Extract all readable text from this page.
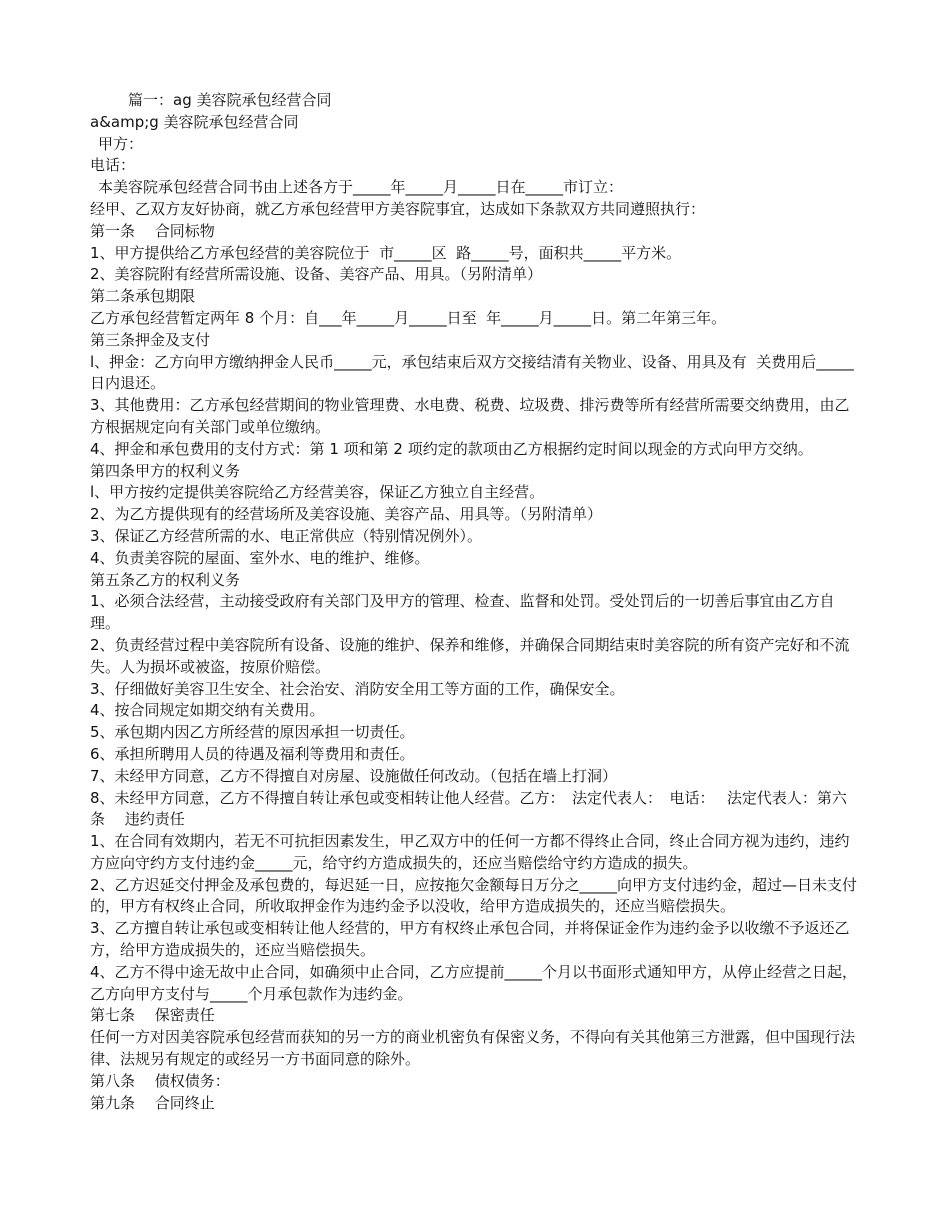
篇一：ag 美容院承包经营合同

a&amp;g 美容院承包经营合同

甲方：

电话：

本美容院承包经营合同书由上述各方于_____年_____月_____日在_____市订立：

经甲、乙双方友好协商，就乙方承包经营甲方美容院事宜，达成如下条款双方共同遵照执行：

第一条　 合同标物

1、甲方提供给乙方承包经营的美容院位于  市_____区  路_____号，面积共_____平方米。

2、美容院附有经营所需设施、设备、美容产品、用具。（另附清单）

第二条承包期限

乙方承包经营暂定两年 8 个月：自___年_____月_____日至  年_____月_____日。第二年第三年。

第三条押金及支付

l、押金：乙方向甲方缴纳押金人民币_____元，承包结束后双方交接结清有关物业、设备、用具及有  关费用后_____日内退还。

3、其他费用：乙方承包经营期间的物业管理费、水电费、税费、垃圾费、排污费等所有经营所需要交纳费用，由乙方根据规定向有关部门或单位缴纳。

4、押金和承包费用的支付方式：第 1 项和第 2 项约定的款项由乙方根据约定时间以现金的方式向甲方交纳。

第四条甲方的权利义务

l、甲方按约定提供美容院给乙方经营美容，保证乙方独立自主经营。

2、为乙方提供现有的经营场所及美容设施、美容产品、用具等。（另附清单）

3、保证乙方经营所需的水、电正常供应（特别情况例外）。

4、负责美容院的屋面、室外水、电的维护、维修。

第五条乙方的权利义务

1、必须合法经营，主动接受政府有关部门及甲方的管理、检查、监督和处罚。受处罚后的一切善后事宜由乙方自理。

2、负责经营过程中美容院所有设备、设施的维护、保养和维修，并确保合同期结束时美容院的所有资产完好和不流失。人为损坏或被盗，按原价赔偿。

3、仔细做好美容卫生安全、社会治安、消防安全用工等方面的工作，确保安全。

4、按合同规定如期交纳有关费用。

5、承包期内因乙方所经营的原因承担一切责任。

6、承担所聘用人员的待遇及福利等费用和责任。

7、未经甲方同意，乙方不得擅自对房屋、设施做任何改动。（包括在墙上打洞）

8、未经甲方同意，乙方不得擅自转让承包或变相转让他人经营。乙方：　法定代表人：　电话：　 法定代表人：第六条　 违约责任

1、在合同有效期内，若无不可抗拒因素发生，甲乙双方中的任何一方都不得终止合同，终止合同方视为违约，违约方应向守约方支付违约金_____元，给守约方造成损失的，还应当赔偿给守约方造成的损失。

2、乙方迟延交付押金及承包费的，每迟延一日，应按拖欠金额每日万分之_____向甲方支付违约金，超过—日未支付的，甲方有权终止合同，所收取押金作为违约金予以没收，给甲方造成损失的，还应当赔偿损失。

3、乙方擅自转让承包或变相转让他人经营的，甲方有权终止承包合同，并将保证金作为违约金予以收缴不予返还乙方，给甲方造成损失的，还应当赔偿损失。

4、乙方不得中途无故中止合同，如确须中止合同，乙方应提前_____个月以书面形式通知甲方，从停止经营之日起，乙方向甲方支付与_____个月承包款作为违约金。

第七条　 保密责任

任何一方对因美容院承包经营而获知的另一方的商业机密负有保密义务，不得向有关其他第三方泄露，但中国现行法律、法规另有规定的或经另一方书面同意的除外。

第八条　 债权债务：

第九条　 合同终止
